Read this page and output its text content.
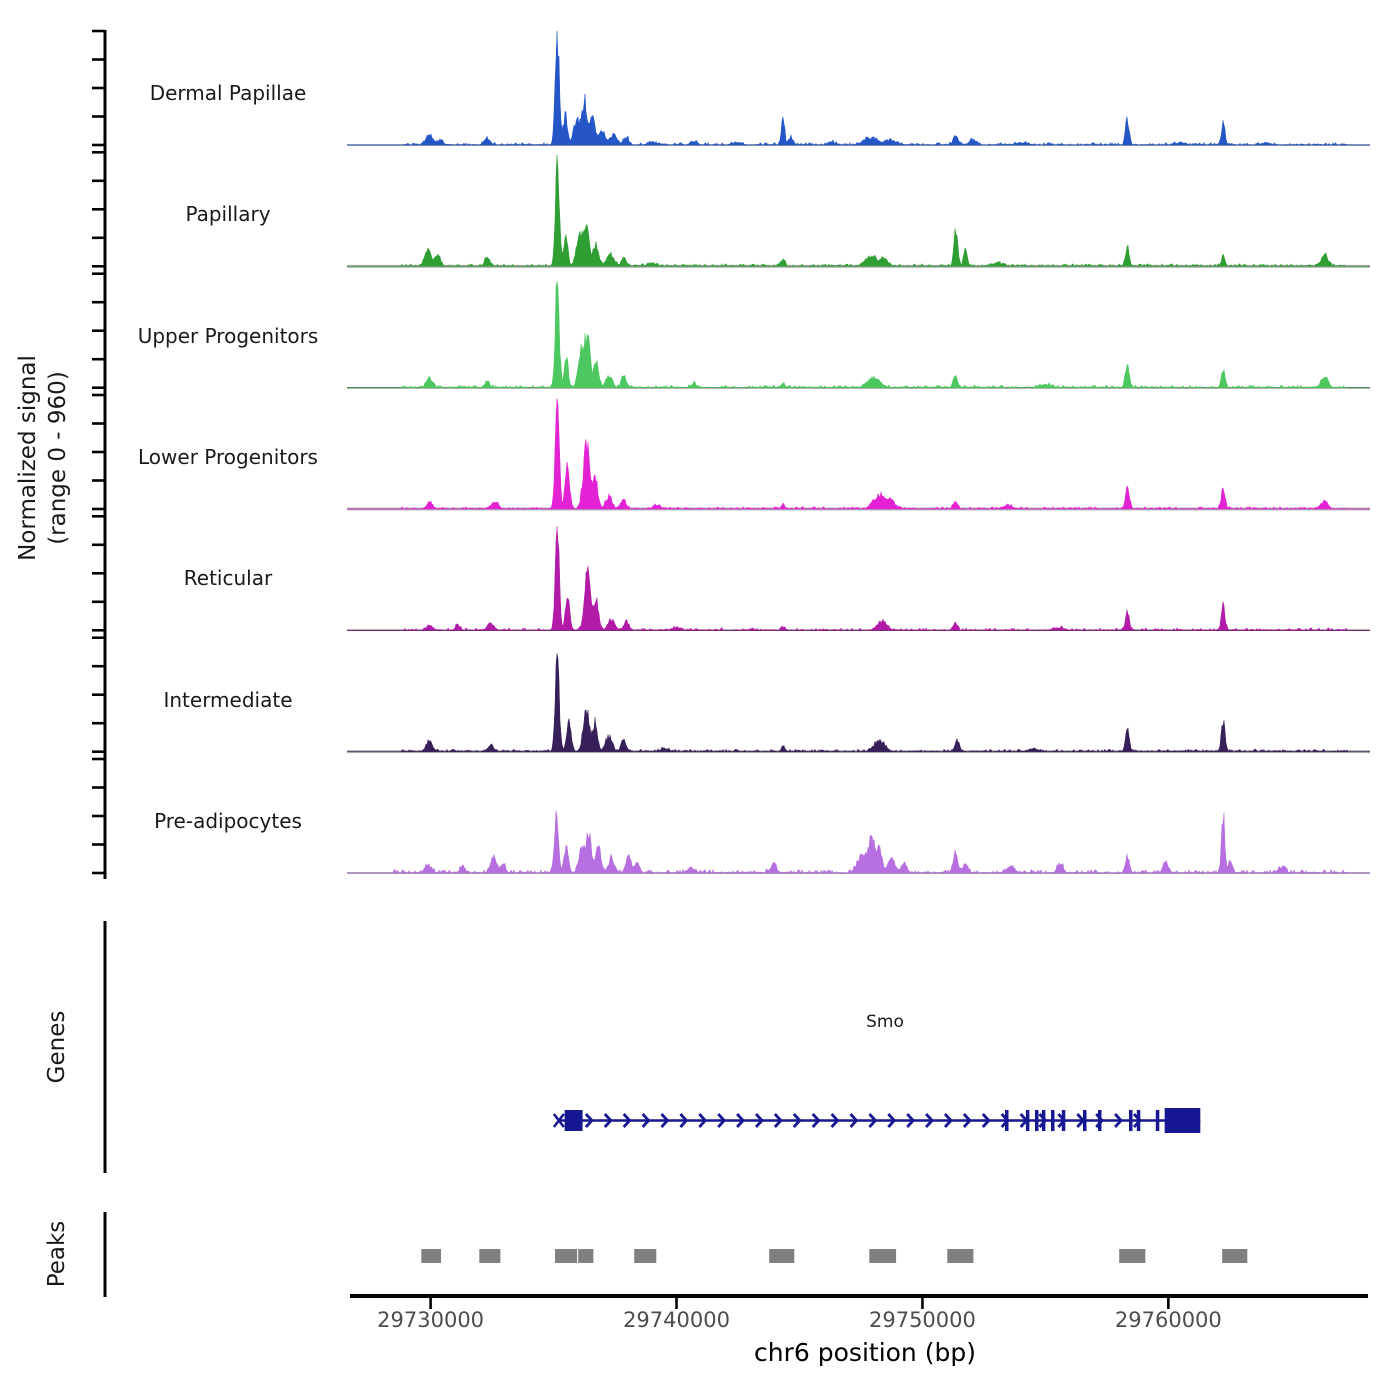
Normalized signal (range 0 - 960)
Dermal Papillae
Papillary
Upper Progenitors
Lower Progenitors
Reticular
Intermediate
Pre-adipocytes
Genes
Peaks
Smo
29730000	29740000	29750000	29760000
chr6 position (bp)
